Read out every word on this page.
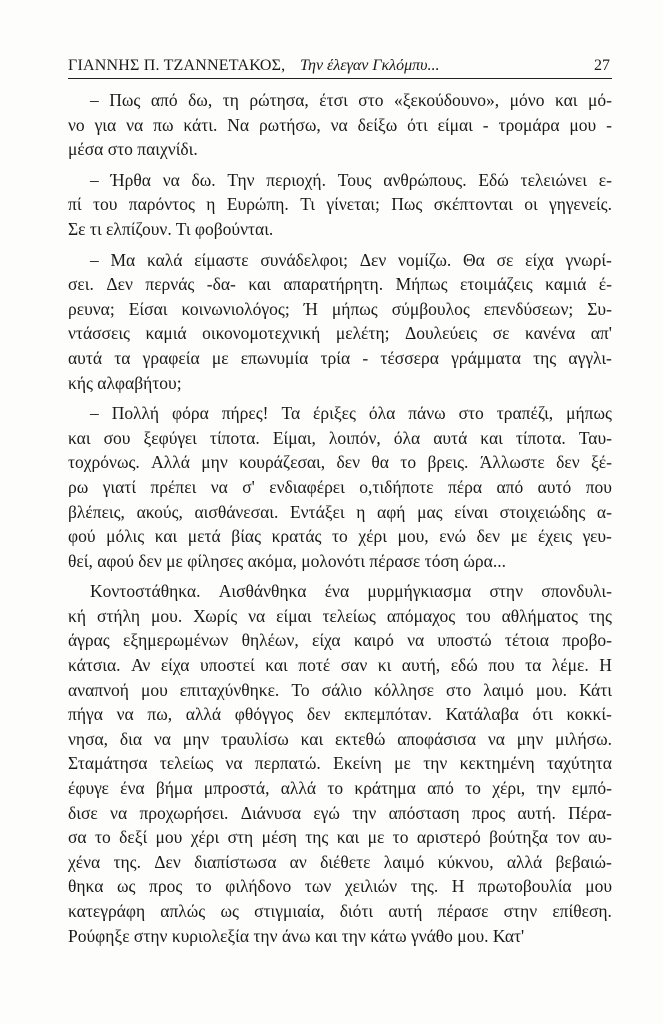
ΓΙΑΝΝΗΣ Π. ΤΖΑΝΝΕΤΑΚΟΣ, Την έλεγαν Γκλόμπυ...	27
– Πως από δω, τη ρώτησα, έτσι στο «ξεκούδουνο», μόνο και μό-
νο για να πω κάτι. Να ρωτήσω, να δείξω ότι είμαι - τρομάρα μου -
μέσα στο παιχνίδι.
– Ήρθα να δω. Την περιοχή. Τους ανθρώπους. Εδώ τελειώνει ε-
πί του παρόντος η Ευρώπη. Τι γίνεται; Πως σκέπτονται οι γηγενείς.
Σε τι ελπίζουν. Τι φοβούνται.
– Μα καλά είμαστε συνάδελφοι; Δεν νομίζω. Θα σε είχα γνωρί-
σει. Δεν περνάς -δα- και απαρατήρητη. Μήπως ετοιμάζεις καμιά έ-
ρευνα; Είσαι κοινωνιολόγος; Ή μήπως σύμβουλος επενδύσεων; Συ-
ντάσσεις καμιά οικονομοτεχνική μελέτη; Δουλεύεις σε κανένα απ'
αυτά τα γραφεία με επωνυμία τρία - τέσσερα γράμματα της αγγλι-
κής αλφαβήτου;
– Πολλή φόρα πήρες! Τα έριξες όλα πάνω στο τραπέζι, μήπως
και σου ξεφύγει τίποτα. Είμαι, λοιπόν, όλα αυτά και τίποτα. Ταυ-
τοχρόνως. Αλλά μην κουράζεσαι, δεν θα το βρεις. Άλλωστε δεν ξέ-
ρω γιατί πρέπει να σ' ενδιαφέρει ο,τιδήποτε πέρα από αυτό που
βλέπεις, ακούς, αισθάνεσαι. Εντάξει η αφή μας είναι στοιχειώδης α-
φού μόλις και μετά βίας κρατάς το χέρι μου, ενώ δεν με έχεις γευ-
θεί, αφού δεν με φίλησες ακόμα, μολονότι πέρασε τόση ώρα...
Κοντοστάθηκα. Αισθάνθηκα ένα μυρμήγκιασμα στην σπονδυλι-
κή στήλη μου. Χωρίς να είμαι τελείως απόμαχος του αθλήματος της
άγρας εξημερωμένων θηλέων, είχα καιρό να υποστώ τέτοια προβο-
κάτσια. Αν είχα υποστεί και ποτέ σαν κι αυτή, εδώ που τα λέμε. Η
αναπνοή μου επιταχύνθηκε. Το σάλιο κόλλησε στο λαιμό μου. Κάτι
πήγα να πω, αλλά φθόγγος δεν εκπεμπόταν. Κατάλαβα ότι κοκκί-
νησα, δια να μην τραυλίσω και εκτεθώ αποφάσισα να μην μιλήσω.
Σταμάτησα τελείως να περπατώ. Εκείνη με την κεκτημένη ταχύτητα
έφυγε ένα βήμα μπροστά, αλλά το κράτημα από το χέρι, την εμπό-
δισε να προχωρήσει. Διάνυσα εγώ την απόσταση προς αυτή. Πέρα-
σα το δεξί μου χέρι στη μέση της και με το αριστερό βούτηξα τον αυ-
χένα της. Δεν διαπίστωσα αν διέθετε λαιμό κύκνου, αλλά βεβαιώ-
θηκα ως προς το φιλήδονο των χειλιών της. Η πρωτοβουλία μου
κατεγράφη απλώς ως στιγμιαία, διότι αυτή πέρασε στην επίθεση.
Ρούφηξε στην κυριολεξία την άνω και την κάτω γνάθο μου. Κατ'
